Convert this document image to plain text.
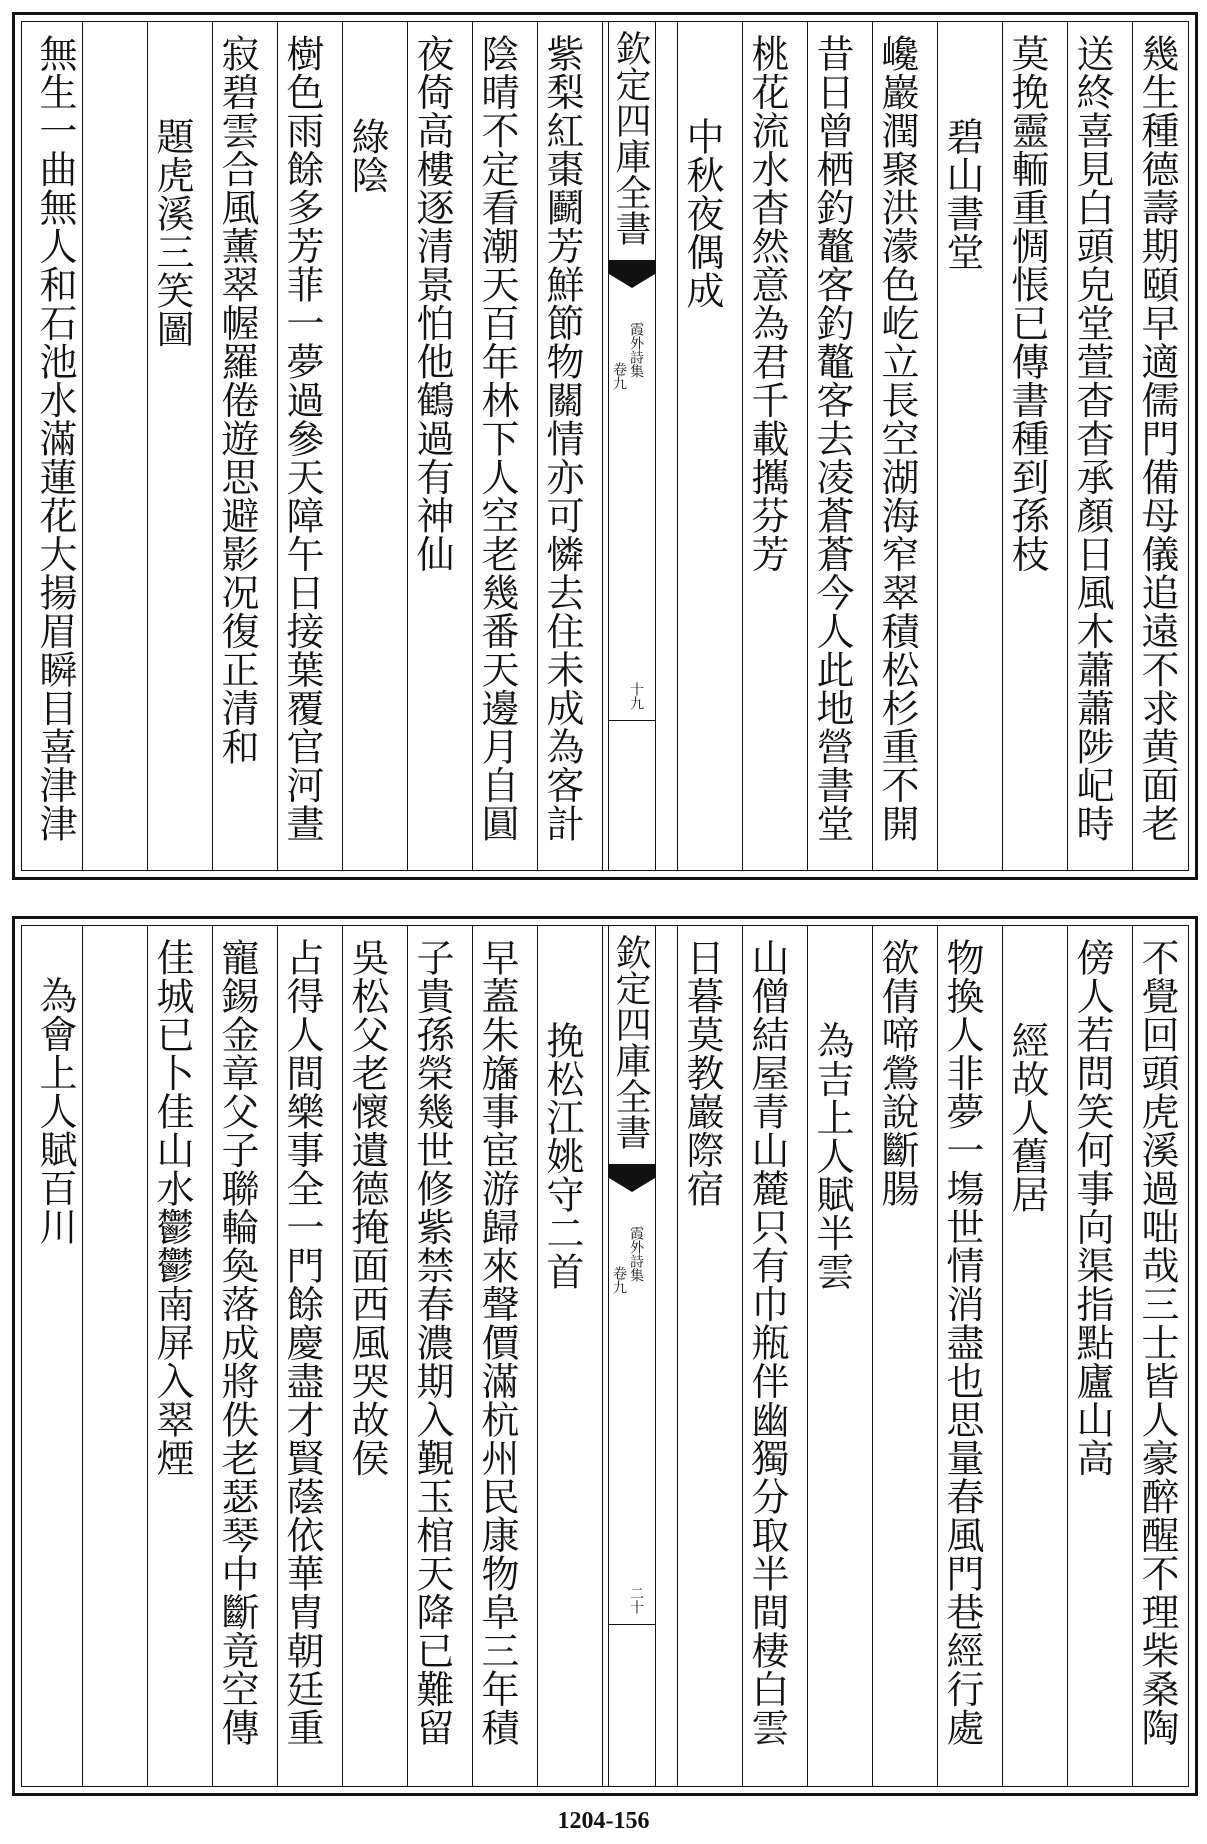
幾生種德壽期頤早適儒門備母儀追遠不求黄面老
送終喜見白頭皃堂萱杳杳承顏日風木蕭蕭陟屺時
莫挽靈輀重惆悵已傳書種到孫枝
碧山書堂
巉巖潤聚洪濛色屹立長空湖海窄翠積松杉重不開
昔日曾栖釣鼇客釣鼇客去凌蒼蒼今人此地營書堂
桃花流水杳然意為君千載𢹂芬芳
中秋夜偶成
欽定四庫全書
霞外詩集
卷九
十九
紫梨紅棗鬬芳鮮節物關情亦可憐去住未成為客計
陰晴不定看潮天百年林下人空老幾番天邊月自圓
夜倚高樓逐清景怕他鶴過有神仙
綠陰
樹色雨餘多芳菲一夢過參天障午日接葉覆官河晝
寂碧雲合風薰翠幄羅倦遊思避影况復正清和
題虎溪三笑圖
無生一曲無人和石池水滿蓮花大揚眉瞬目喜津津
不覺回頭虎溪過咄哉三士皆人豪醉醒不理柴桑陶
傍人若問笑何事向渠指點廬山高
經故人舊居
物換人非夢一塲世情消盡也思量春風門巷經行處
欲倩啼鶯說斷腸
為吉上人賦半雲
山僧結屋青山麓只有巾瓶伴幽獨分取半間棲白雲
日暮莫教巖際宿
欽定四庫全書
霞外詩集
卷九
二十
挽松江姚守二首
早蓋朱旛事宦游歸來聲價滿杭州民康物阜三年積
子貴孫榮幾世修紫禁春濃期入覲玉棺天降已難留
吳松父老懷遺德掩面西風哭故侯
占得人間樂事全一門餘慶盡才賢蔭依華胄朝廷重
寵錫金章父子聯輪奐落成將佚老瑟琴中斷竟空傳
佳城已卜佳山水鬱鬱南屏入翠煙
為會上人賦百川
1204-156
